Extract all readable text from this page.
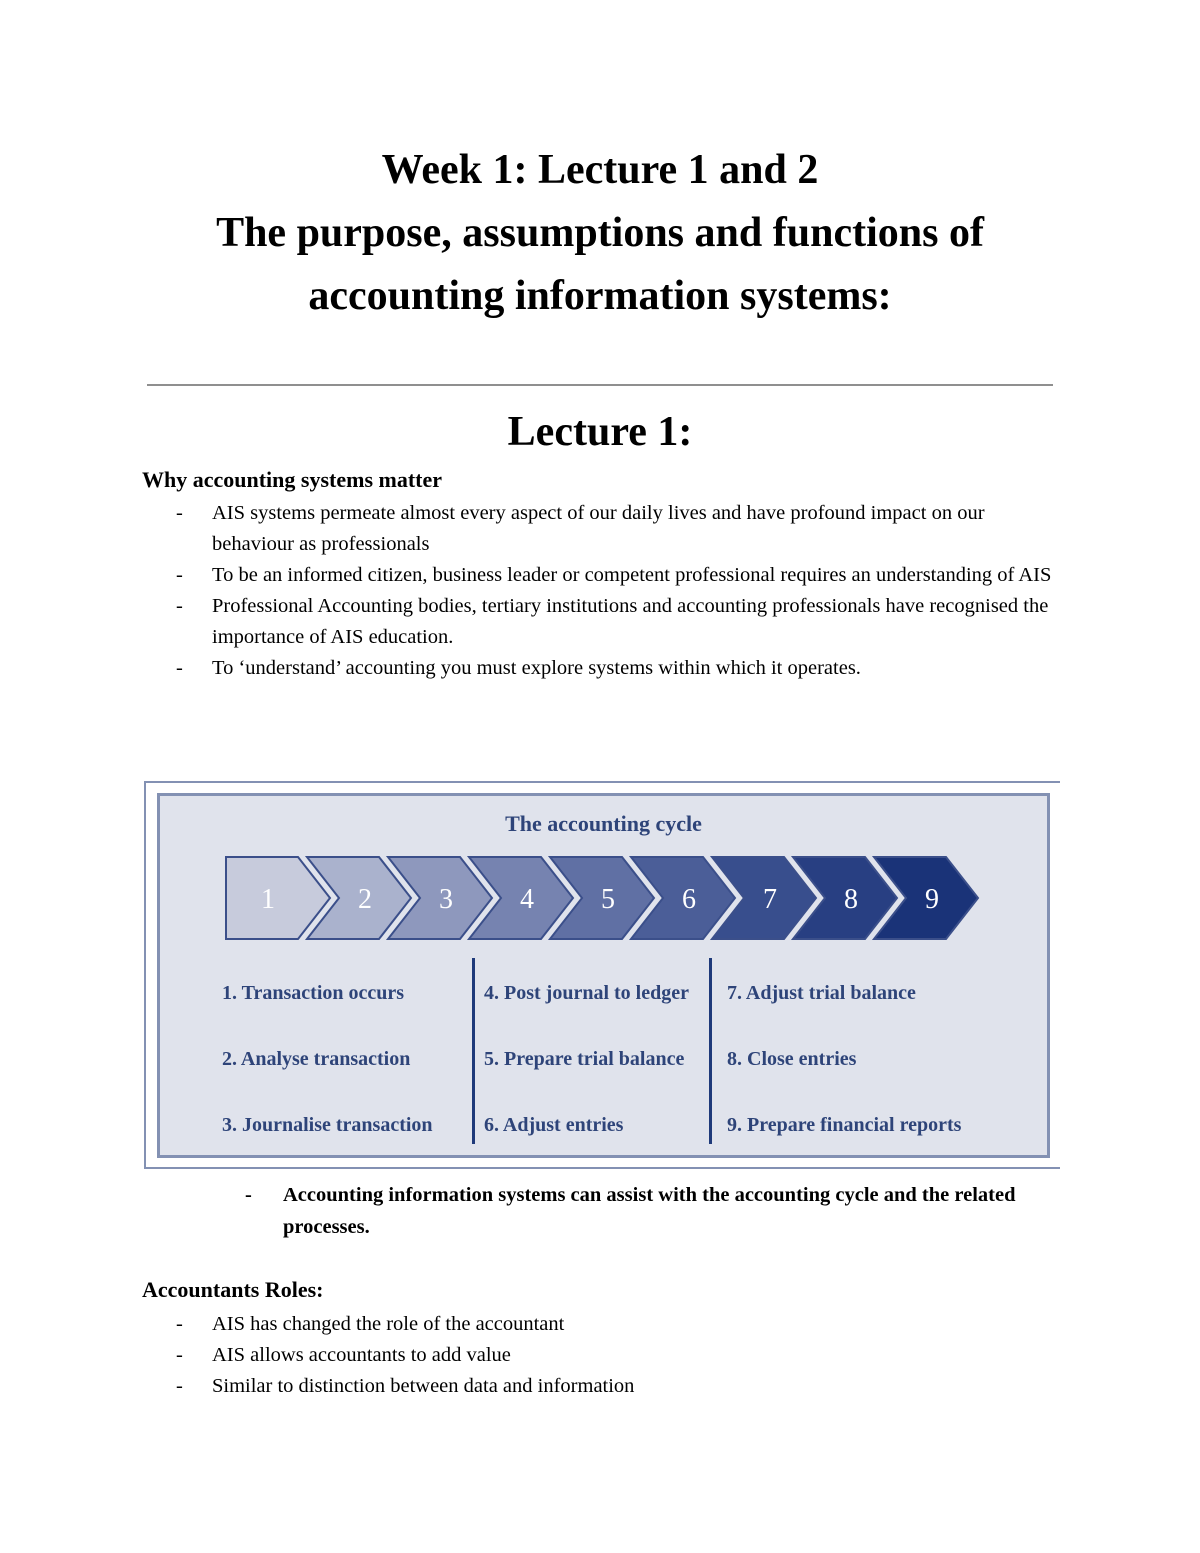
Week 1: Lecture 1 and 2
The purpose, assumptions and functions of
accounting information systems:
Lecture 1:
Why accounting systems matter
- AIS systems permeate almost every aspect of our daily lives and have profound impact on our behaviour as professionals
- To be an informed citizen, business leader or competent professional requires an understanding of AIS
- Professional Accounting bodies, tertiary institutions and accounting professionals have recognised the importance of AIS education.
- To ‘understand’ accounting you must explore systems within which it operates.
The accounting cycle
1	2 3 4 5 6 7 8 9
1. Transaction occurs
2. Analyse transaction
3. Journalise transaction
4. Post journal to ledger
5. Prepare trial balance
6. Adjust entries
7. Adjust trial balance
8. Close entries
9. Prepare financial reports
-	Accounting information systems can assist with the accounting cycle and the related processes.
Accountants Roles:
- AIS has changed the role of the accountant
- AIS allows accountants to add value
- Similar to distinction between data and information
